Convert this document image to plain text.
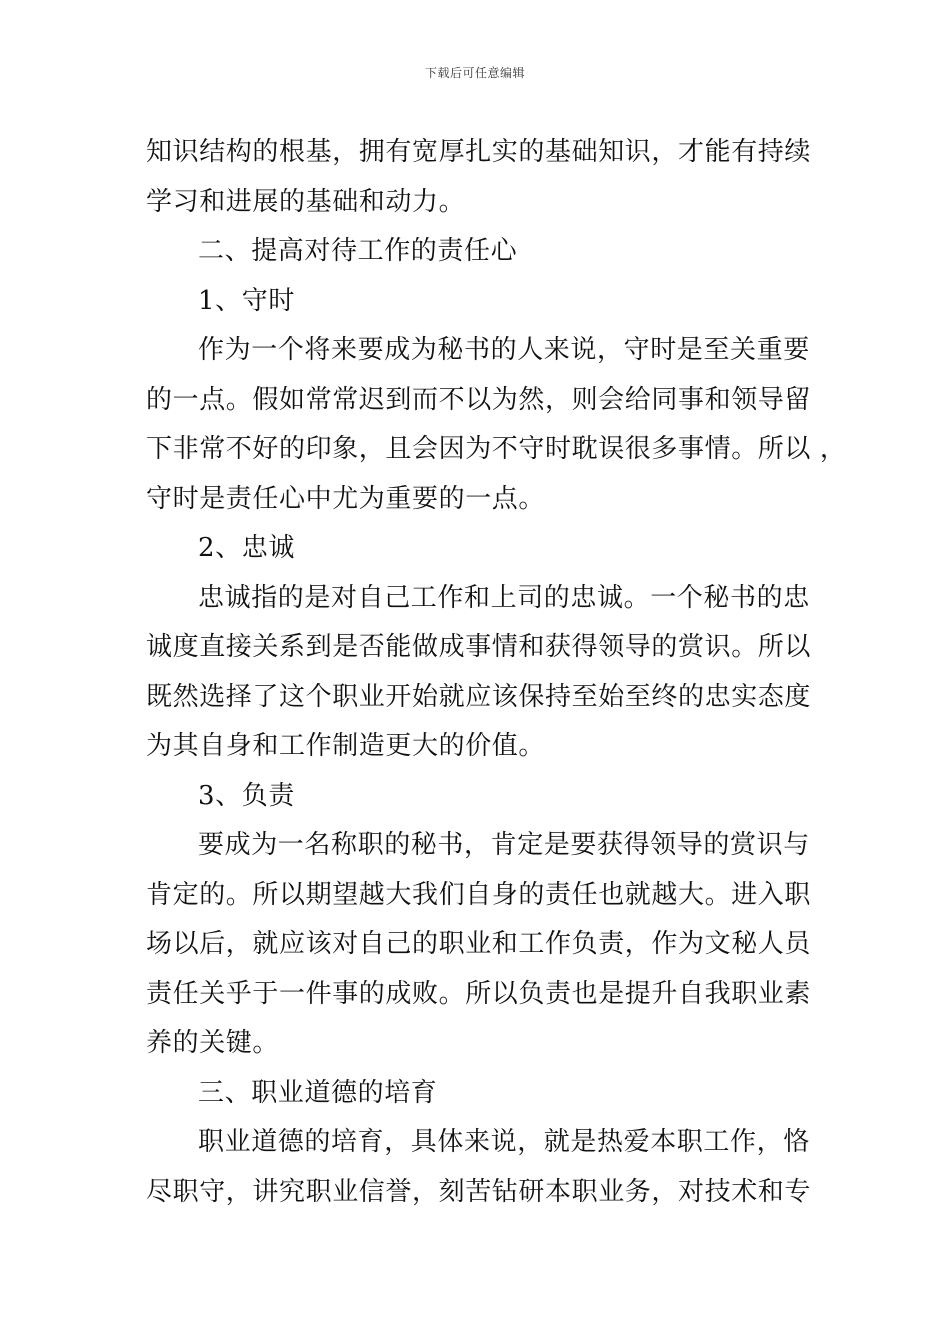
下载后可任意编辑
知识结构的根基，拥有宽厚扎实的基础知识，才能有持续
学习和进展的基础和动力。
二、提高对待工作的责任心
1、守时
作为一个将来要成为秘书的人来说，守时是至关重要
的一点。假如常常迟到而不以为然，则会给同事和领导留
下非常不好的印象，且会因为不守时耽误很多事情。所以 ，
守时是责任心中尤为重要的一点。
2、忠诚
忠诚指的是对自己工作和上司的忠诚。一个秘书的忠
诚度直接关系到是否能做成事情和获得领导的赏识。所以
既然选择了这个职业开始就应该保持至始至终的忠实态度
为其自身和工作制造更大的价值。
3、负责
要成为一名称职的秘书，肯定是要获得领导的赏识与
肯定的。所以期望越大我们自身的责任也就越大。进入职
场以后，就应该对自己的职业和工作负责，作为文秘人员
责任关乎于一件事的成败。所以负责也是提升自我职业素
养的关键。
三、职业道德的培育
职业道德的培育，具体来说，就是热爱本职工作，恪
尽职守，讲究职业信誉，刻苦钻研本职业务，对技术和专
